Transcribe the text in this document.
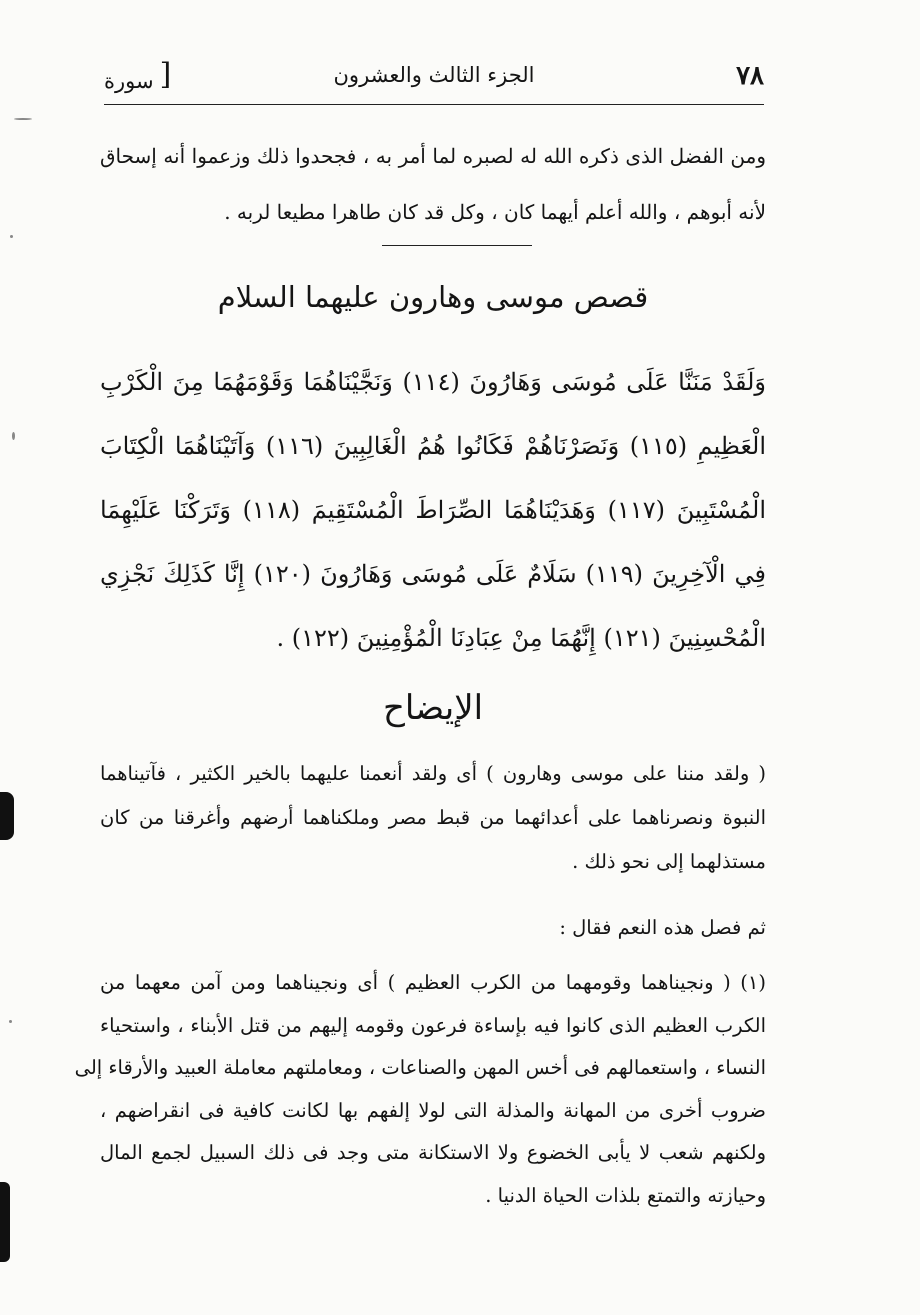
٧٨
الجزء الثالث والعشرون
[سورة
ومن الفضل الذى ذكره الله له لصبره لما أمر به ، فجحدوا ذلك وزعموا أنه إسحاق
لأنه أبوهم ، والله أعلم أيهما كان ، وكل قد كان طاهرا مطيعا لربه .
قصص موسى وهارون عليهما السلام
وَلَقَدْ مَنَنَّا عَلَى مُوسَى وَهَارُونَ (١١٤) وَنَجَّيْنَاهُمَا وَقَوْمَهُمَا مِنَ الْكَرْبِ
الْعَظِيمِ (١١٥) وَنَصَرْنَاهُمْ فَكَانُوا هُمُ الْغَالِبِينَ (١١٦) وَآتَيْنَاهُمَا الْكِتَابَ
الْمُسْتَبِينَ (١١٧) وَهَدَيْنَاهُمَا الصِّرَاطَ الْمُسْتَقِيمَ (١١٨) وَتَرَكْنَا عَلَيْهِمَا
فِي الْآخِرِينَ (١١٩) سَلَامٌ عَلَى مُوسَى وَهَارُونَ (١٢٠) إِنَّا كَذَلِكَ نَجْزِي
الْمُحْسِنِينَ (١٢١) إِنَّهُمَا مِنْ عِبَادِنَا الْمُؤْمِنِينَ (١٢٢) .
الإيضاح
( ولقد مننا على موسى وهارون ) أى ولقد أنعمنا عليهما بالخير الكثير ، فآتيناهما
النبوة ونصرناهما على أعدائهما من قبط مصر وملكناهما أرضهم وأغرقنا من كان
مستذلهما إلى نحو ذلك .
ثم فصل هذه النعم فقال :
(١) ( ونجيناهما وقومهما من الكرب العظيم ) أى ونجيناهما ومن آمن معهما من
الكرب العظيم الذى كانوا فيه بإساءة فرعون وقومه إليهم من قتل الأبناء ، واستحياء
النساء ، واستعمالهم فى أخس المهن والصناعات ، ومعاملتهم معاملة العبيد والأرقاء إلى
ضروب أخرى من المهانة والمذلة التى لولا إلفهم بها لكانت كافية فى انقراضهم ،
ولكنهم شعب لا يأبى الخضوع ولا الاستكانة متى وجد فى ذلك السبيل لجمع المال
وحيازته والتمتع بلذات الحياة الدنيا .
